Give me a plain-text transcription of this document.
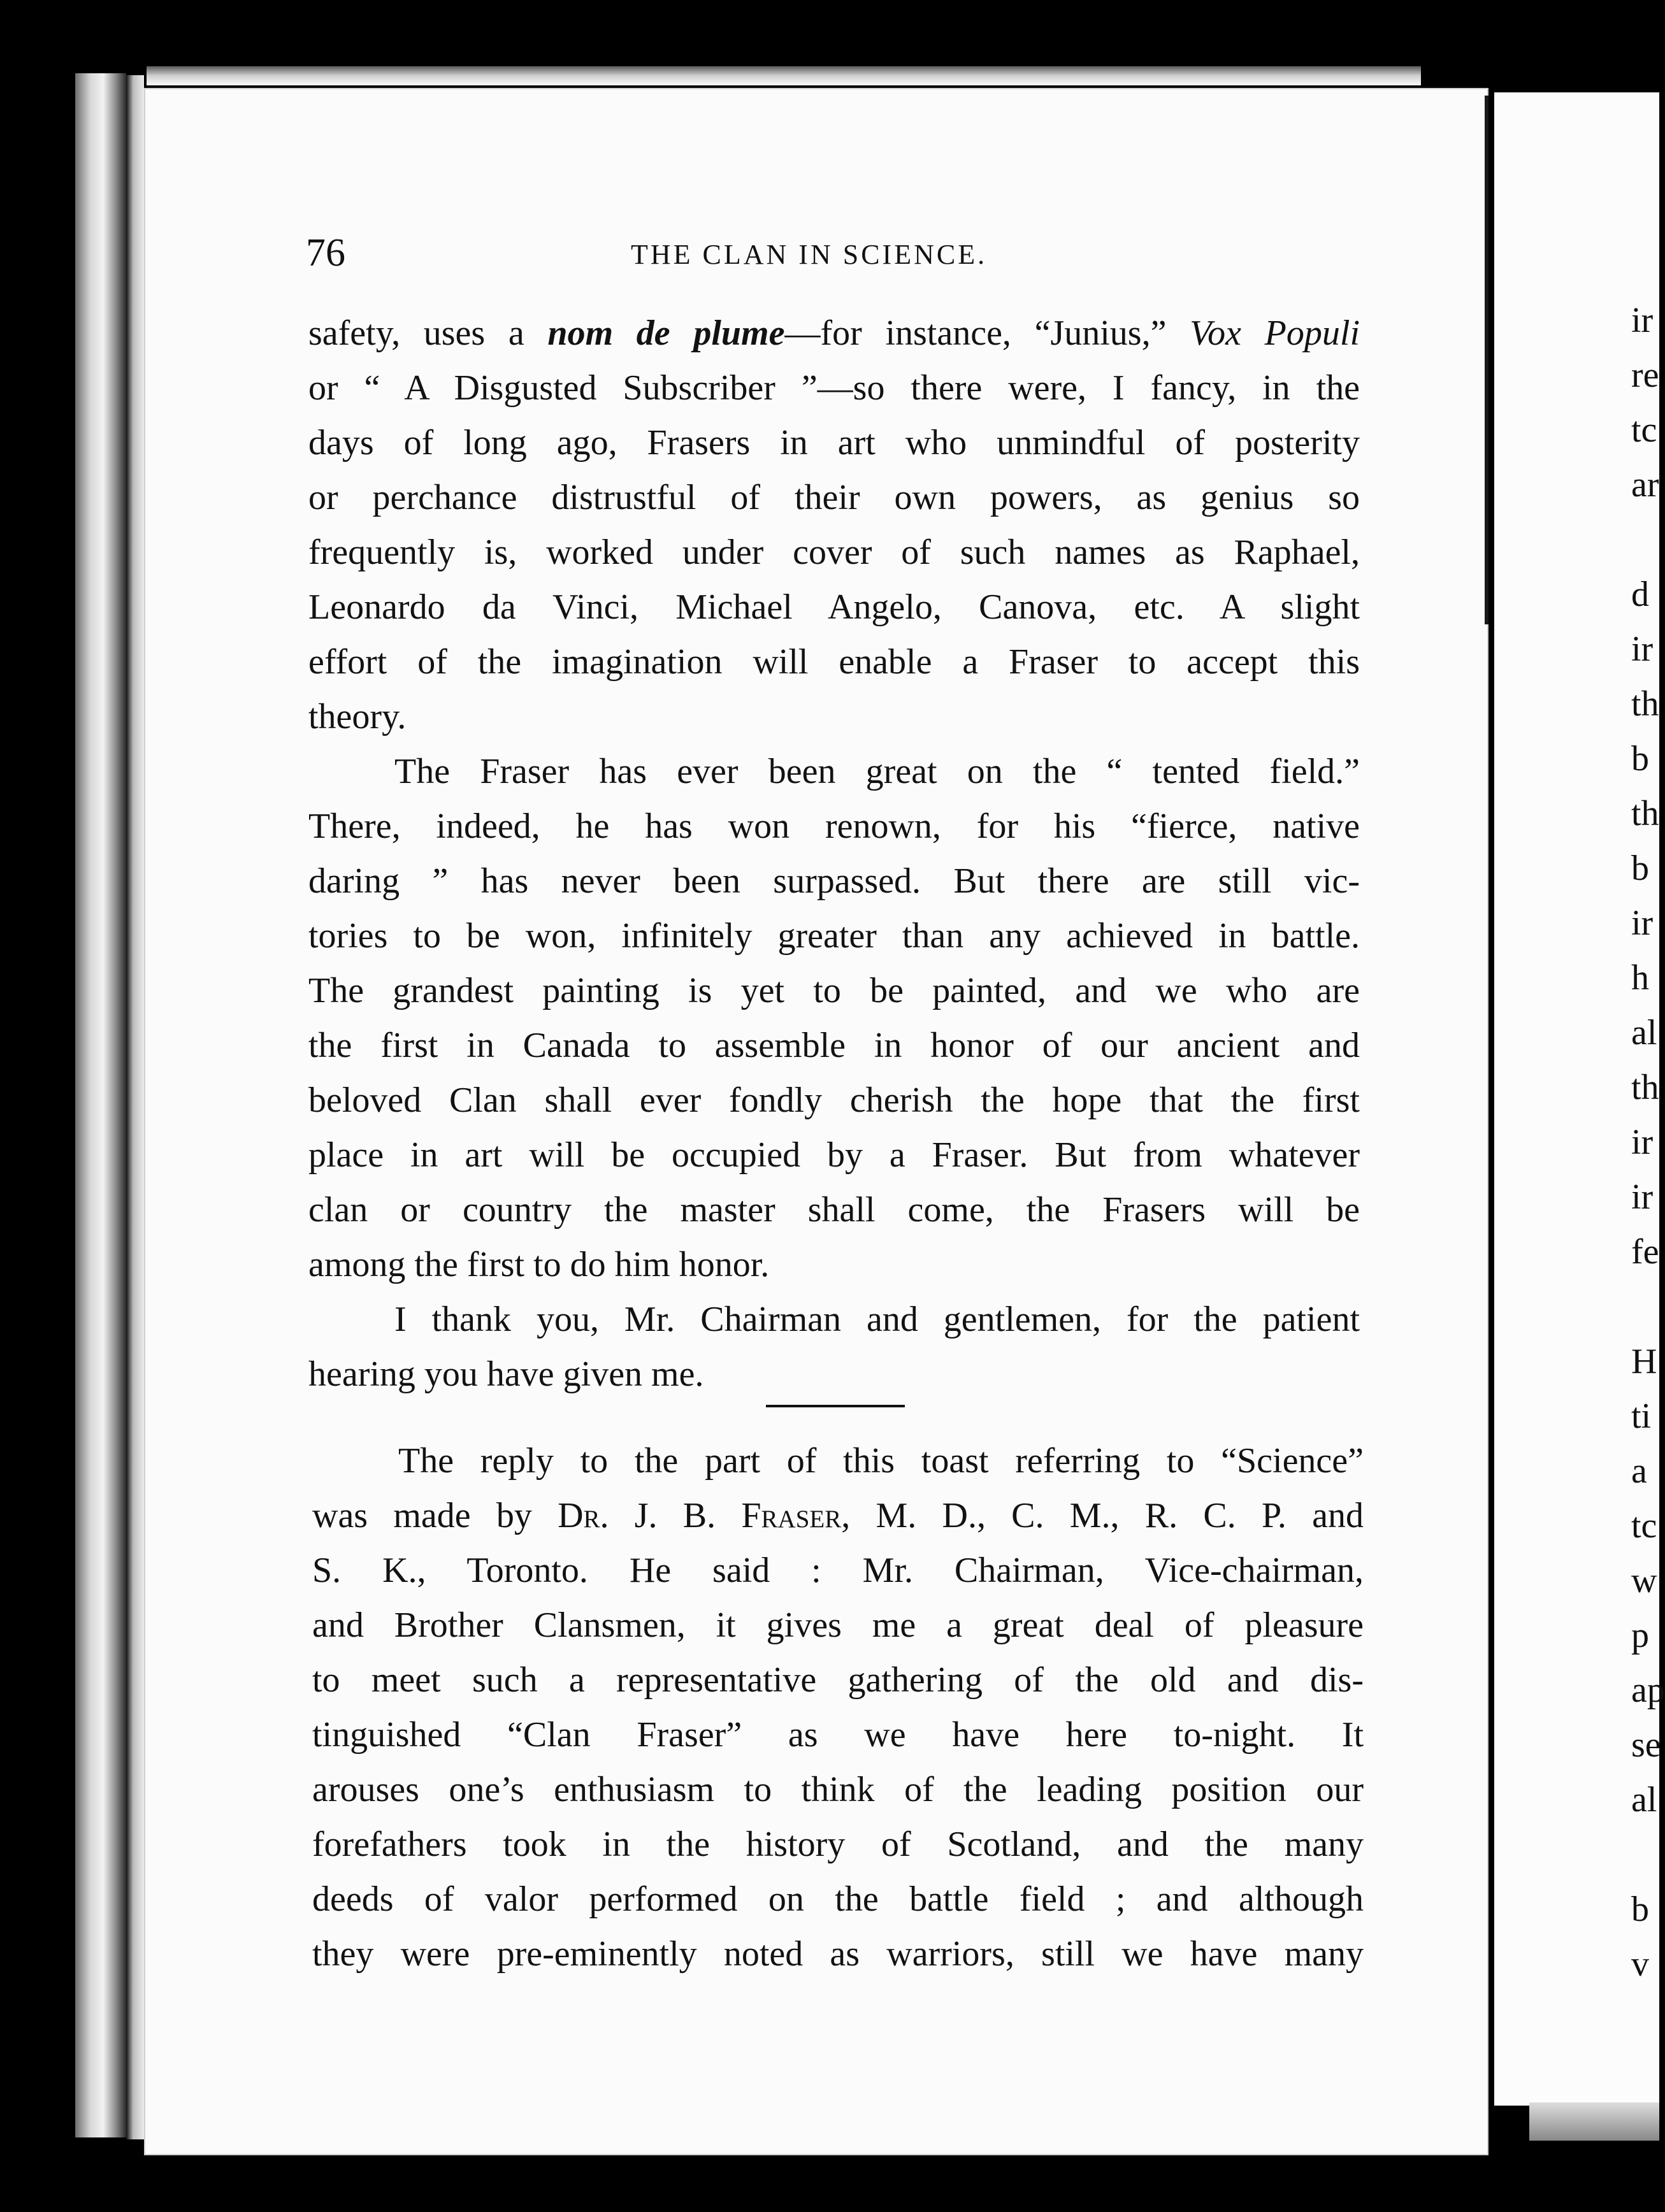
76	THE CLAN IN SCIENCE.
safety, uses a nom de plume—for instance, “Junius,” Vox Populi
or “ A Disgusted Subscriber ”—so there were, I fancy, in the
days of long ago, Frasers in art who unmindful of posterity
or perchance distrustful of their own powers, as genius so
frequently is, worked under cover of such names as Raphael,
Leonardo da Vinci, Michael Angelo, Canova, etc. A slight
effort of the imagination will enable a Fraser to accept this
theory.
The Fraser has ever been great on the “ tented field.”
There, indeed, he has won renown, for his “fierce, native
daring ” has never been surpassed. But there are still vic-
tories to be won, infinitely greater than any achieved in battle.
The grandest painting is yet to be painted, and we who are
the first in Canada to assemble in honor of our ancient and
beloved Clan shall ever fondly cherish the hope that the first
place in art will be occupied by a Fraser. But from whatever
clan or country the master shall come, the Frasers will be
among the first to do him honor.
I thank you, Mr. Chairman and gentlemen, for the patient
hearing you have given me.
The reply to the part of this toast referring to “Science”
was made by Dr. J. B. Fraser, M. D., C. M., R. C. P. and
S. K., Toronto. He said : Mr. Chairman, Vice-chairman,
and Brother Clansmen, it gives me a great deal of pleasure
to meet such a representative gathering of the old and dis-
tinguished “Clan Fraser” as we have here to-night. It
arouses one’s enthusiasm to think of the leading position our
forefathers took in the history of Scotland, and the many
deeds of valor performed on the battle field ; and although
they were pre-eminently noted as warriors, still we have many
ir
re
tc
ar
d
ir
th
b
th
b
ir
h
al
th
ir
ir
fe
H
ti
a
tc
w
p
ap
se
al
b
v
